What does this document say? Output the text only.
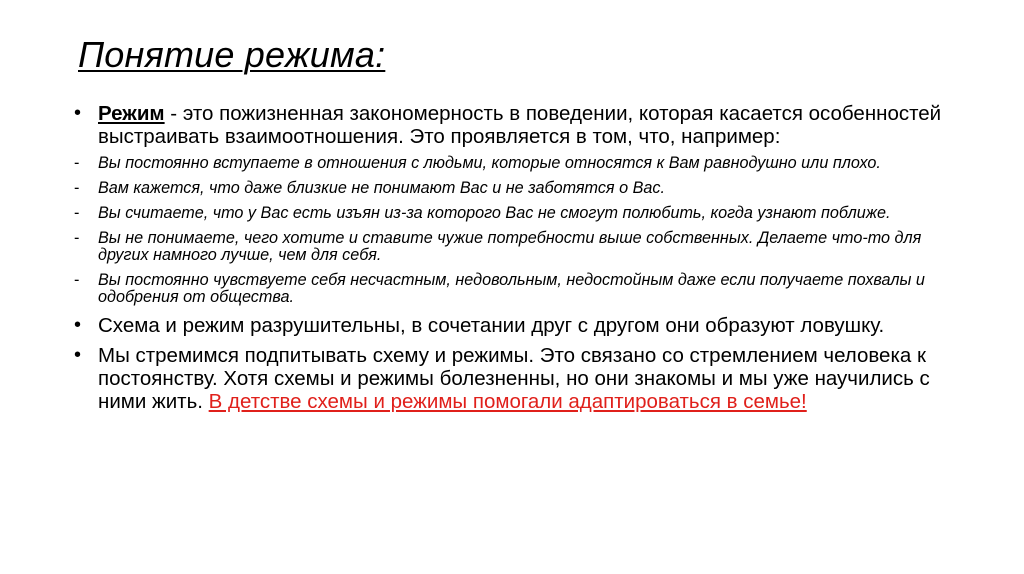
Понятие режима:
• Режим - это пожизненная закономерность в поведении, которая касается особенностей выстраивать взаимоотношения. Это проявляется в том, что, например:
- Вы постоянно вступаете в отношения с людьми, которые относятся к Вам равнодушно или плохо.
- Вам кажется, что даже близкие не понимают Вас и не заботятся о Вас.
- Вы считаете, что у Вас есть изъян из-за которого Вас не смогут полюбить, когда узнают поближе.
- Вы не понимаете, чего хотите и ставите чужие потребности выше собственных. Делаете что-то для других намного лучше, чем для себя.
- Вы постоянно чувствуете себя несчастным, недовольным, недостойным даже если получаете похвалы и одобрения от общества.
• Схема и режим разрушительны, в сочетании друг с другом они образуют ловушку.
• Мы стремимся подпитывать схему и режимы. Это связано со стремлением человека к постоянству. Хотя схемы и режимы болезненны, но они знакомы и мы уже научились с ними жить. В детстве схемы и режимы помогали адаптироваться в семье!
